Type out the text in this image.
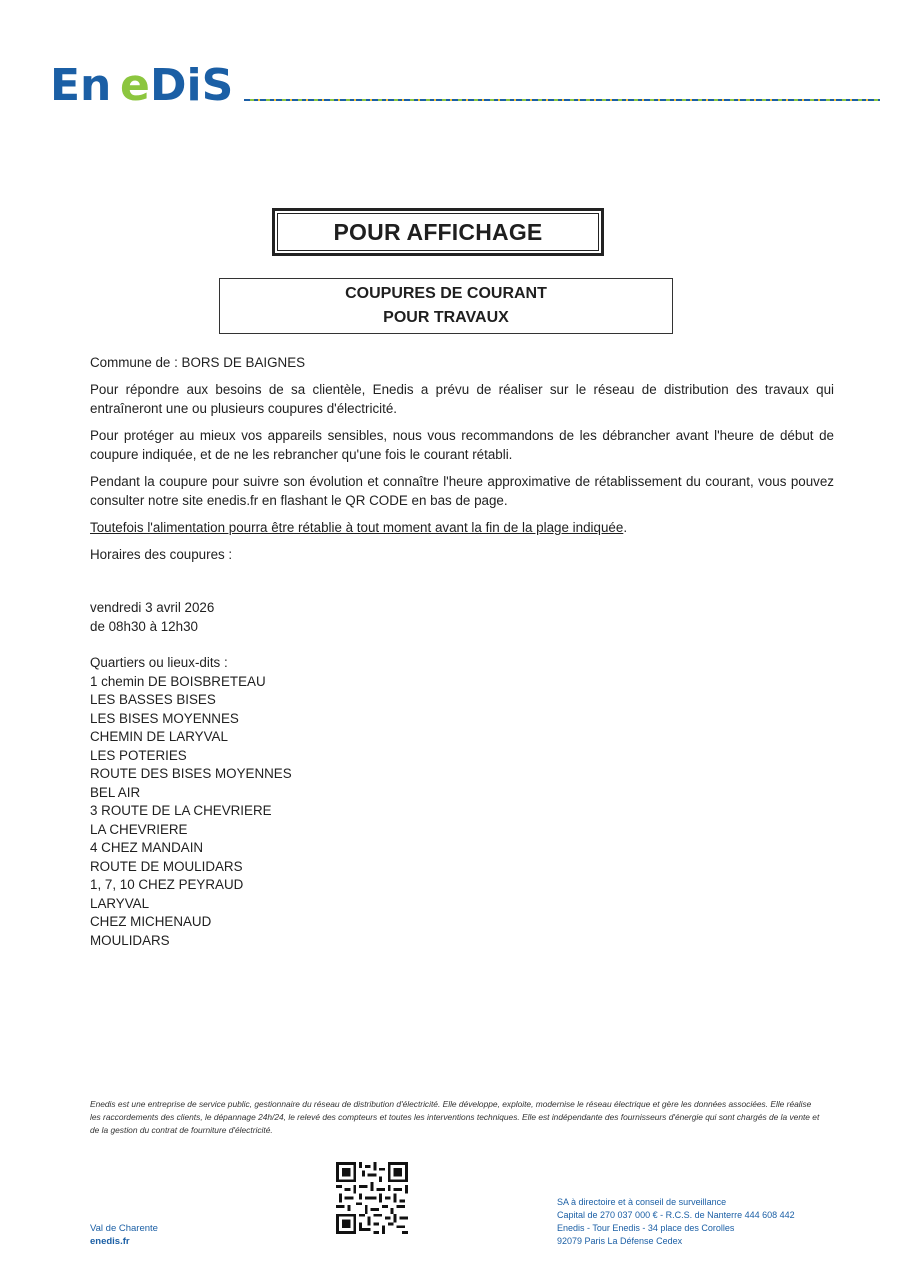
En e DiS
POUR AFFICHAGE
COUPURES DE COURANT
POUR TRAVAUX

Commune de : BORS DE BAIGNES

Pour répondre aux besoins de sa clientèle, Enedis a prévu de réaliser sur le réseau de distribution des travaux qui entraîneront une ou plusieurs coupures d'électricité.

Pour protéger au mieux vos appareils sensibles, nous vous recommandons de les débrancher avant l'heure de début de coupure indiquée, et de ne les rebrancher qu'une fois le courant rétabli.

Pendant la coupure pour suivre son évolution et connaître l'heure approximative de rétablissement du courant, vous pouvez consulter notre site enedis.fr en flashant le QR CODE en bas de page.

Toutefois l'alimentation pourra être rétablie à tout moment avant la fin de la plage indiquée.

Horaires des coupures :

vendredi 3 avril 2026
de 08h30 à 12h30
Quartiers ou lieux-dits :
1 chemin DE BOISBRETEAU
LES BASSES BISES
LES BISES MOYENNES
CHEMIN DE LARYVAL
LES POTERIES
ROUTE DES BISES MOYENNES
BEL AIR
3 ROUTE DE LA CHEVRIERE
LA CHEVRIERE
4 CHEZ MANDAIN
ROUTE DE MOULIDARS
1, 7, 10 CHEZ PEYRAUD
LARYVAL
CHEZ MICHENAUD
MOULIDARS
Enedis est une entreprise de service public, gestionnaire du réseau de distribution d'électricité. Elle développe, exploite, modernise le réseau électrique et gère les données associées. Elle réalise les raccordements des clients, le dépannage 24h/24, le relevé des compteurs et toutes les interventions techniques. Elle est indépendante des fournisseurs d'énergie qui sont chargés de la vente et de la gestion du contrat de fourniture d'électricité.
Val de Charente
enedis.fr
SA à directoire et à conseil de surveillance
Capital de 270 037 000 € - R.C.S. de Nanterre 444 608 442
Enedis - Tour Enedis - 34 place des Corolles
92079 Paris La Défense Cedex
